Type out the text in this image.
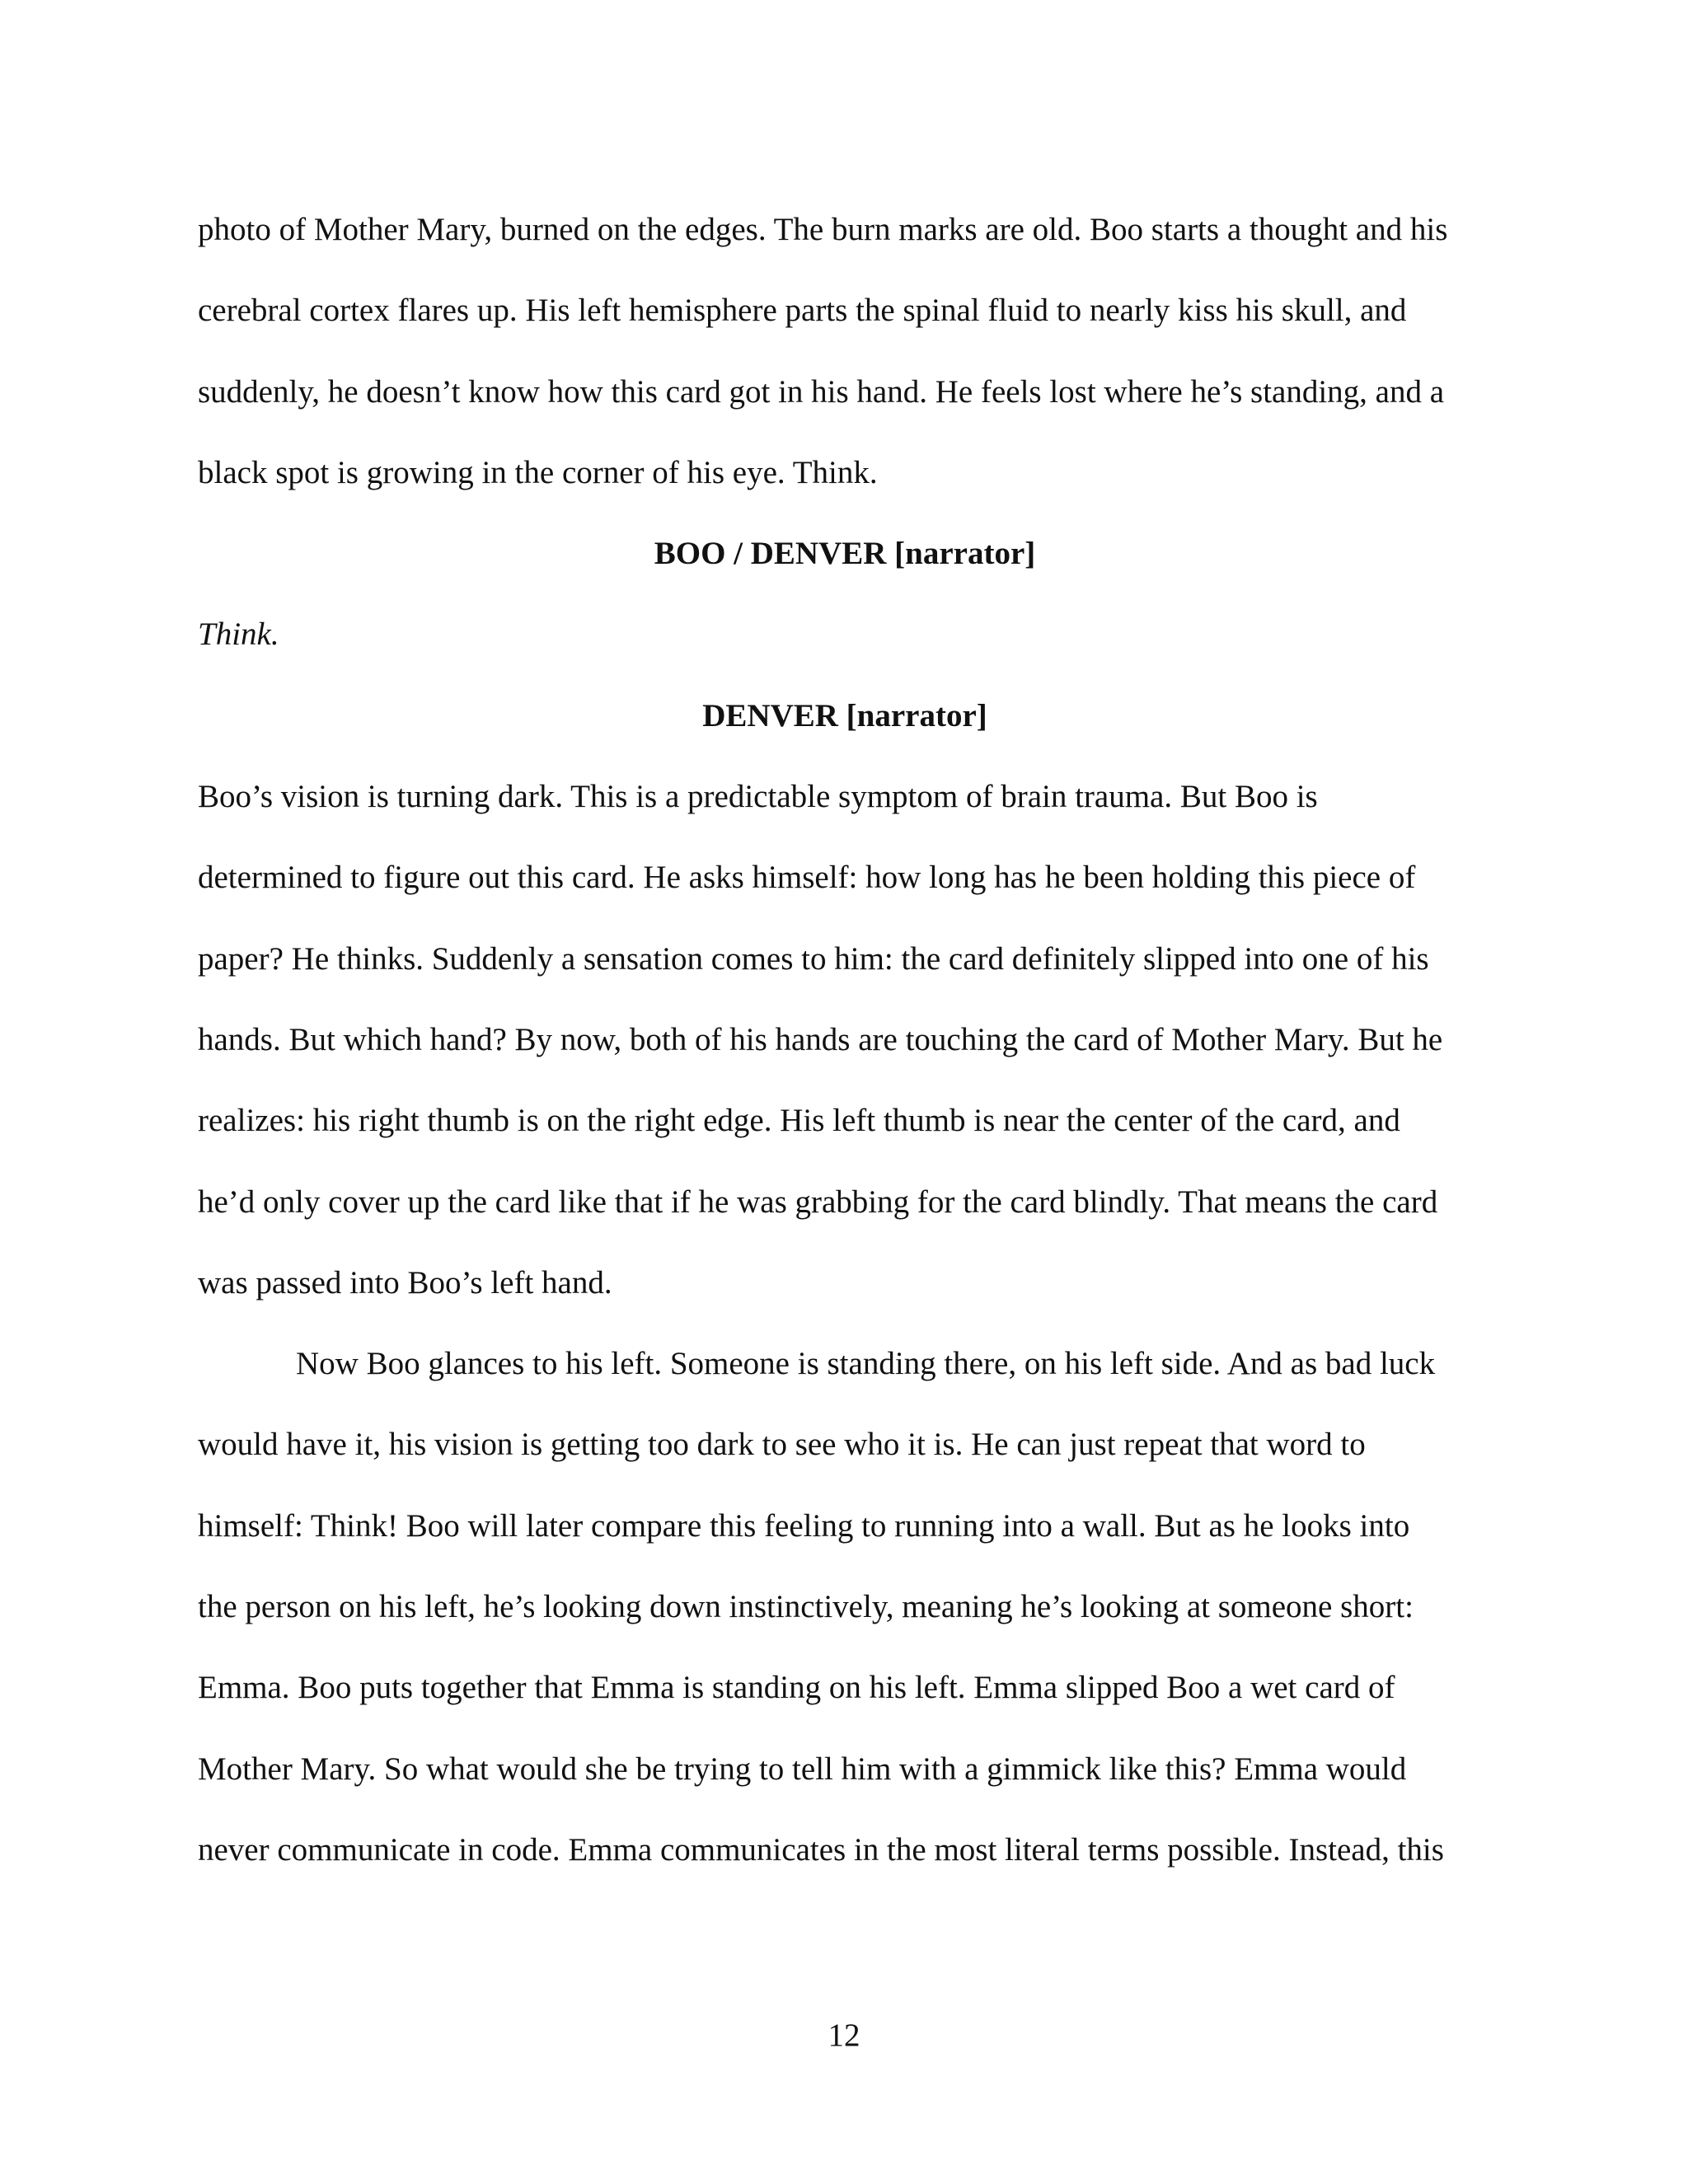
photo of Mother Mary, burned on the edges. The burn marks are old. Boo starts a thought and his
cerebral cortex flares up. His left hemisphere parts the spinal fluid to nearly kiss his skull, and
suddenly, he doesn’t know how this card got in his hand. He feels lost where he’s standing, and a
black spot is growing in the corner of his eye. Think.
BOO / DENVER [narrator]
Think.
DENVER [narrator]
Boo’s vision is turning dark. This is a predictable symptom of brain trauma. But Boo is
determined to figure out this card. He asks himself: how long has he been holding this piece of
paper? He thinks. Suddenly a sensation comes to him: the card definitely slipped into one of his
hands. But which hand? By now, both of his hands are touching the card of Mother Mary. But he
realizes: his right thumb is on the right edge. His left thumb is near the center of the card, and
he’d only cover up the card like that if he was grabbing for the card blindly. That means the card
was passed into Boo’s left hand.
Now Boo glances to his left. Someone is standing there, on his left side. And as bad luck
would have it, his vision is getting too dark to see who it is. He can just repeat that word to
himself: Think! Boo will later compare this feeling to running into a wall. But as he looks into
the person on his left, he’s looking down instinctively, meaning he’s looking at someone short:
Emma. Boo puts together that Emma is standing on his left. Emma slipped Boo a wet card of
Mother Mary. So what would she be trying to tell him with a gimmick like this? Emma would
never communicate in code. Emma communicates in the most literal terms possible. Instead, this
12
